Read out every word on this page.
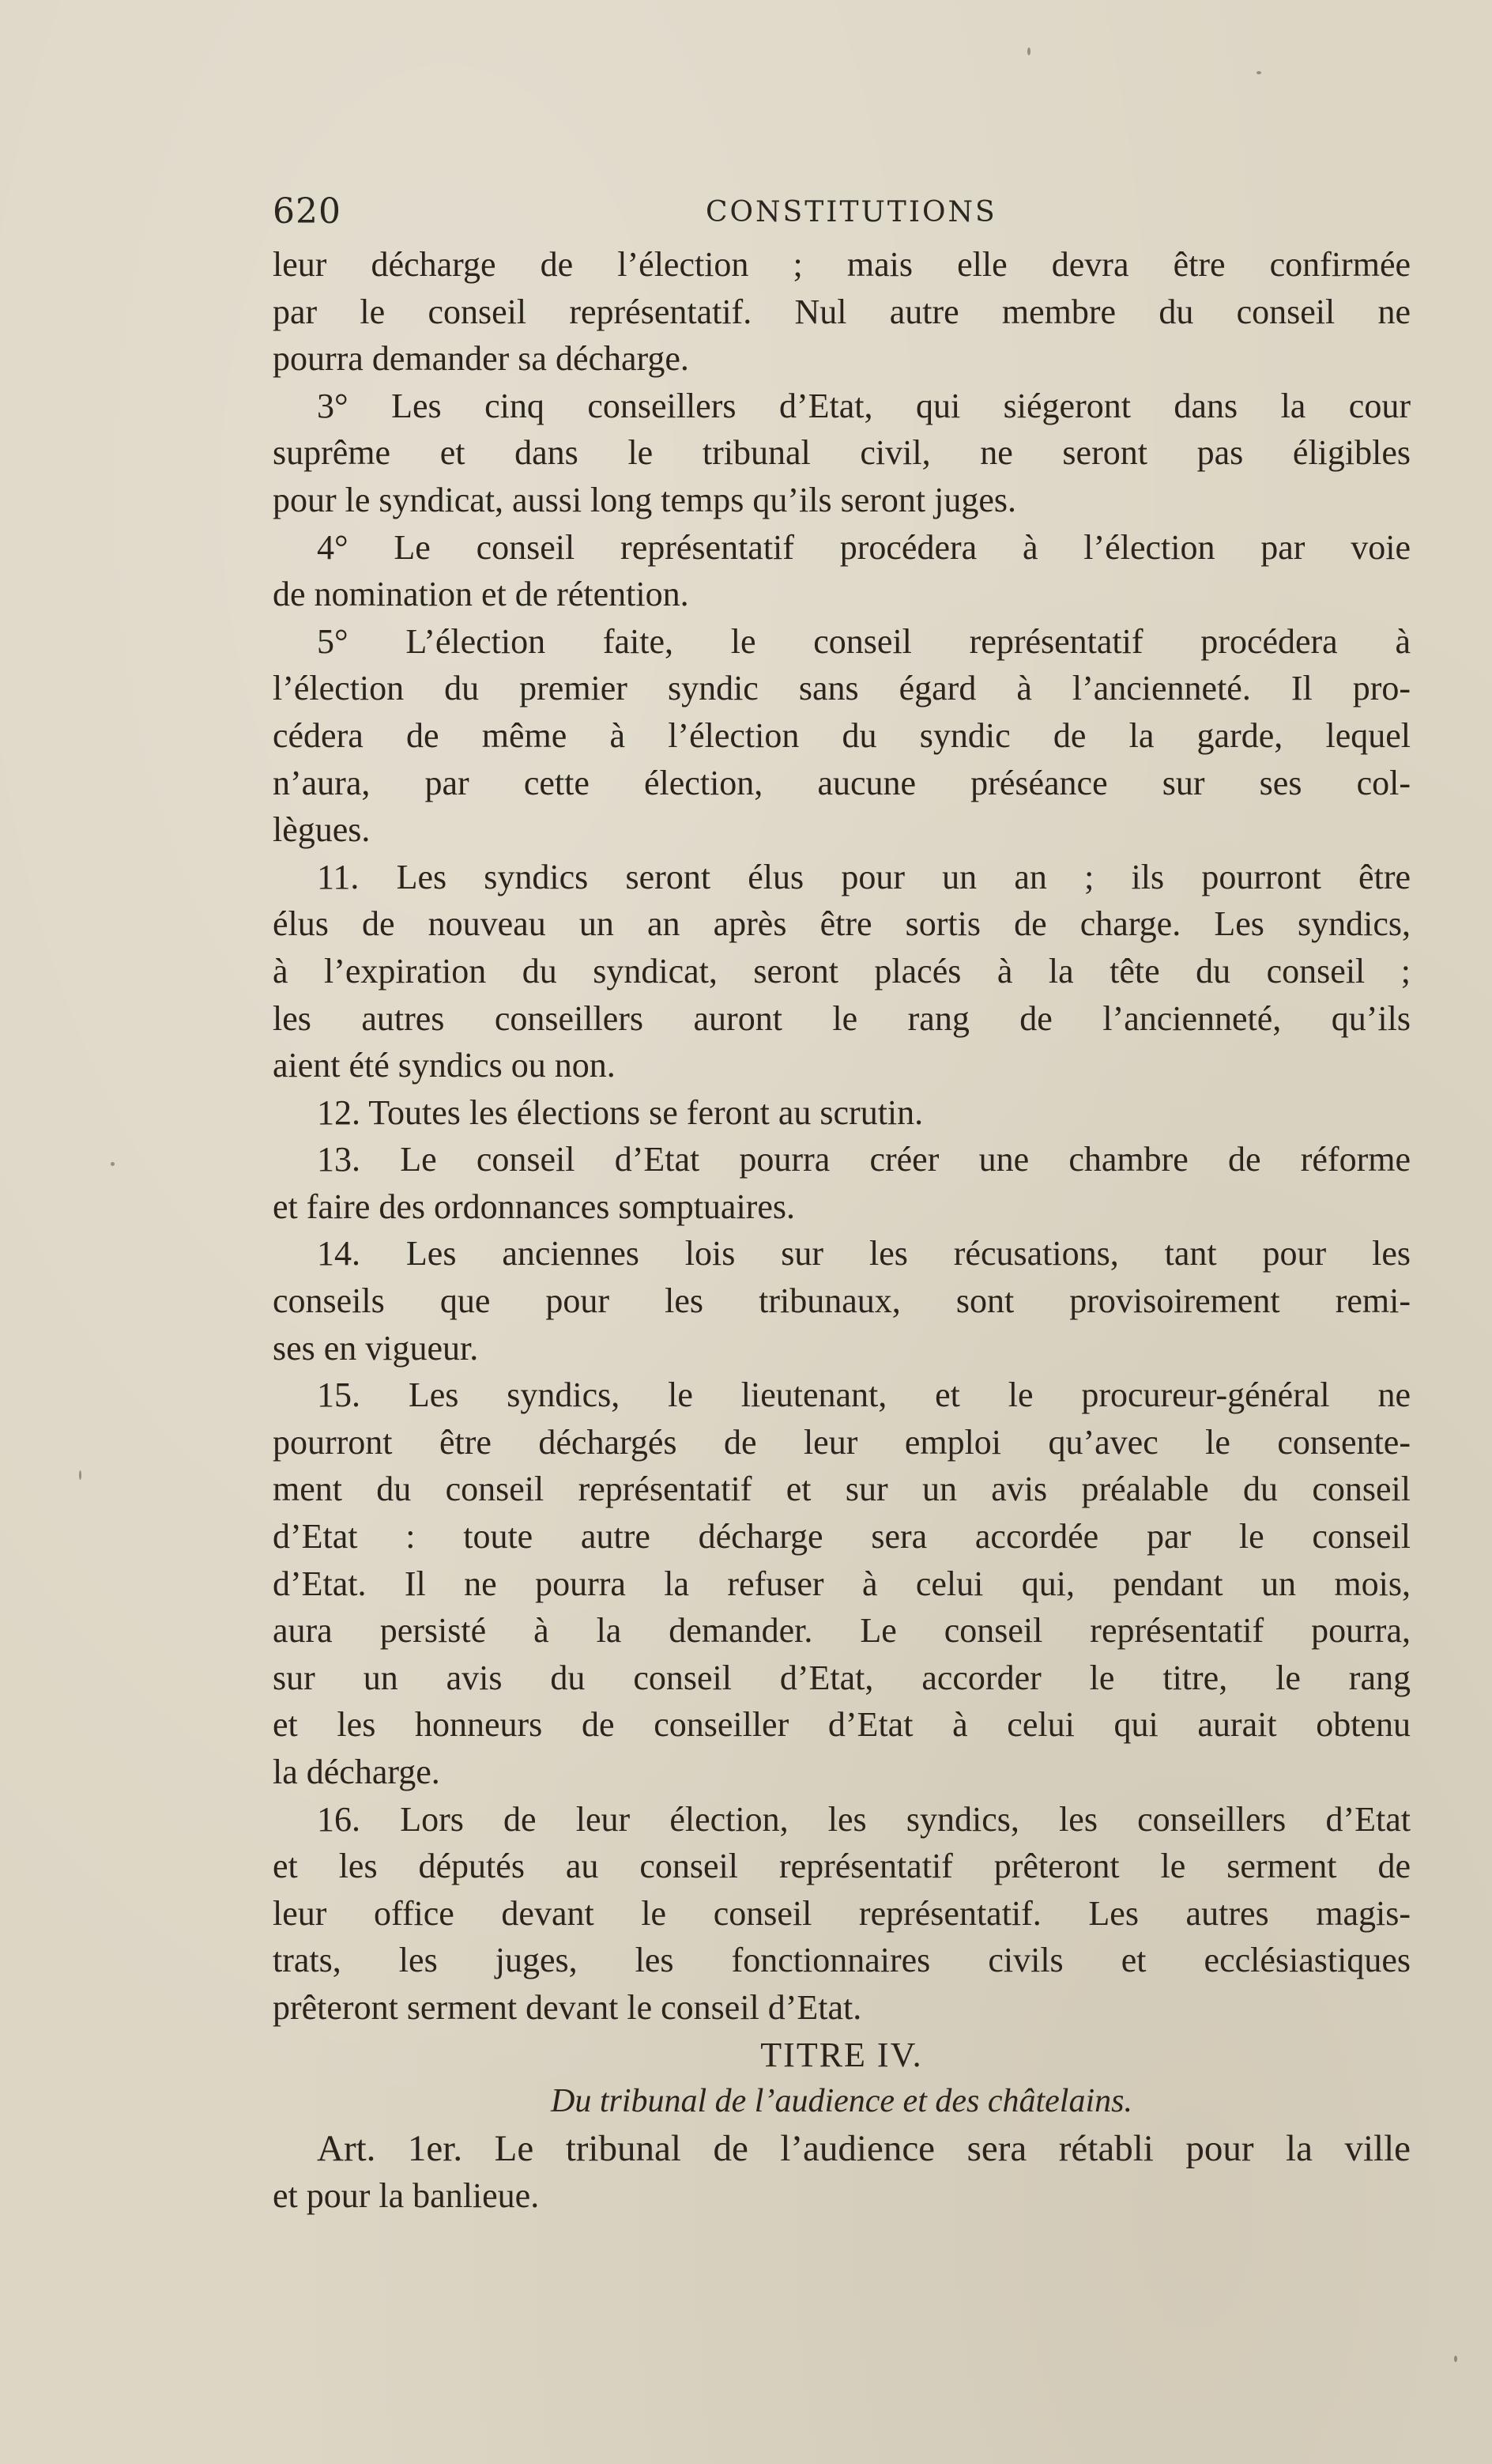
620	CONSTITUTIONS
leur décharge de l’élection ; mais elle devra être confirmée
par le conseil représentatif. Nul autre membre du conseil ne
pourra demander sa décharge.
3° Les cinq conseillers d’Etat, qui siégeront dans la cour
suprême et dans le tribunal civil, ne seront pas éligibles
pour le syndicat, aussi long temps qu’ils seront juges.
4° Le conseil représentatif procédera à l’élection par voie
de nomination et de rétention.
5° L’élection faite, le conseil représentatif procédera à
l’élection du premier syndic sans égard à l’ancienneté. Il pro-
cédera de même à l’élection du syndic de la garde, lequel
n’aura, par cette élection, aucune préséance sur ses col-
lègues.
11. Les syndics seront élus pour un an ; ils pourront être
élus de nouveau un an après être sortis de charge. Les syndics,
à l’expiration du syndicat, seront placés à la tête du conseil ;
les autres conseillers auront le rang de l’ancienneté, qu’ils
aient été syndics ou non.
12. Toutes les élections se feront au scrutin.
13. Le conseil d’Etat pourra créer une chambre de réforme
et faire des ordonnances somptuaires.
14. Les anciennes lois sur les récusations, tant pour les
conseils que pour les tribunaux, sont provisoirement remi-
ses en vigueur.
15. Les syndics, le lieutenant, et le procureur-général ne
pourront être déchargés de leur emploi qu’avec le consente-
ment du conseil représentatif et sur un avis préalable du conseil
d’Etat : toute autre décharge sera accordée par le conseil
d’Etat. Il ne pourra la refuser à celui qui, pendant un mois,
aura persisté à la demander. Le conseil représentatif pourra,
sur un avis du conseil d’Etat, accorder le titre, le rang
et les honneurs de conseiller d’Etat à celui qui aurait obtenu
la décharge.
16. Lors de leur élection, les syndics, les conseillers d’Etat
et les députés au conseil représentatif prêteront le serment de
leur office devant le conseil représentatif. Les autres magis-
trats, les juges, les fonctionnaires civils et ecclésiastiques
prêteront serment devant le conseil d’Etat.
TITRE IV.
Du tribunal de l’audience et des châtelains.
Art. 1er. Le tribunal de l’audience sera rétabli pour la ville
et pour la banlieue.
